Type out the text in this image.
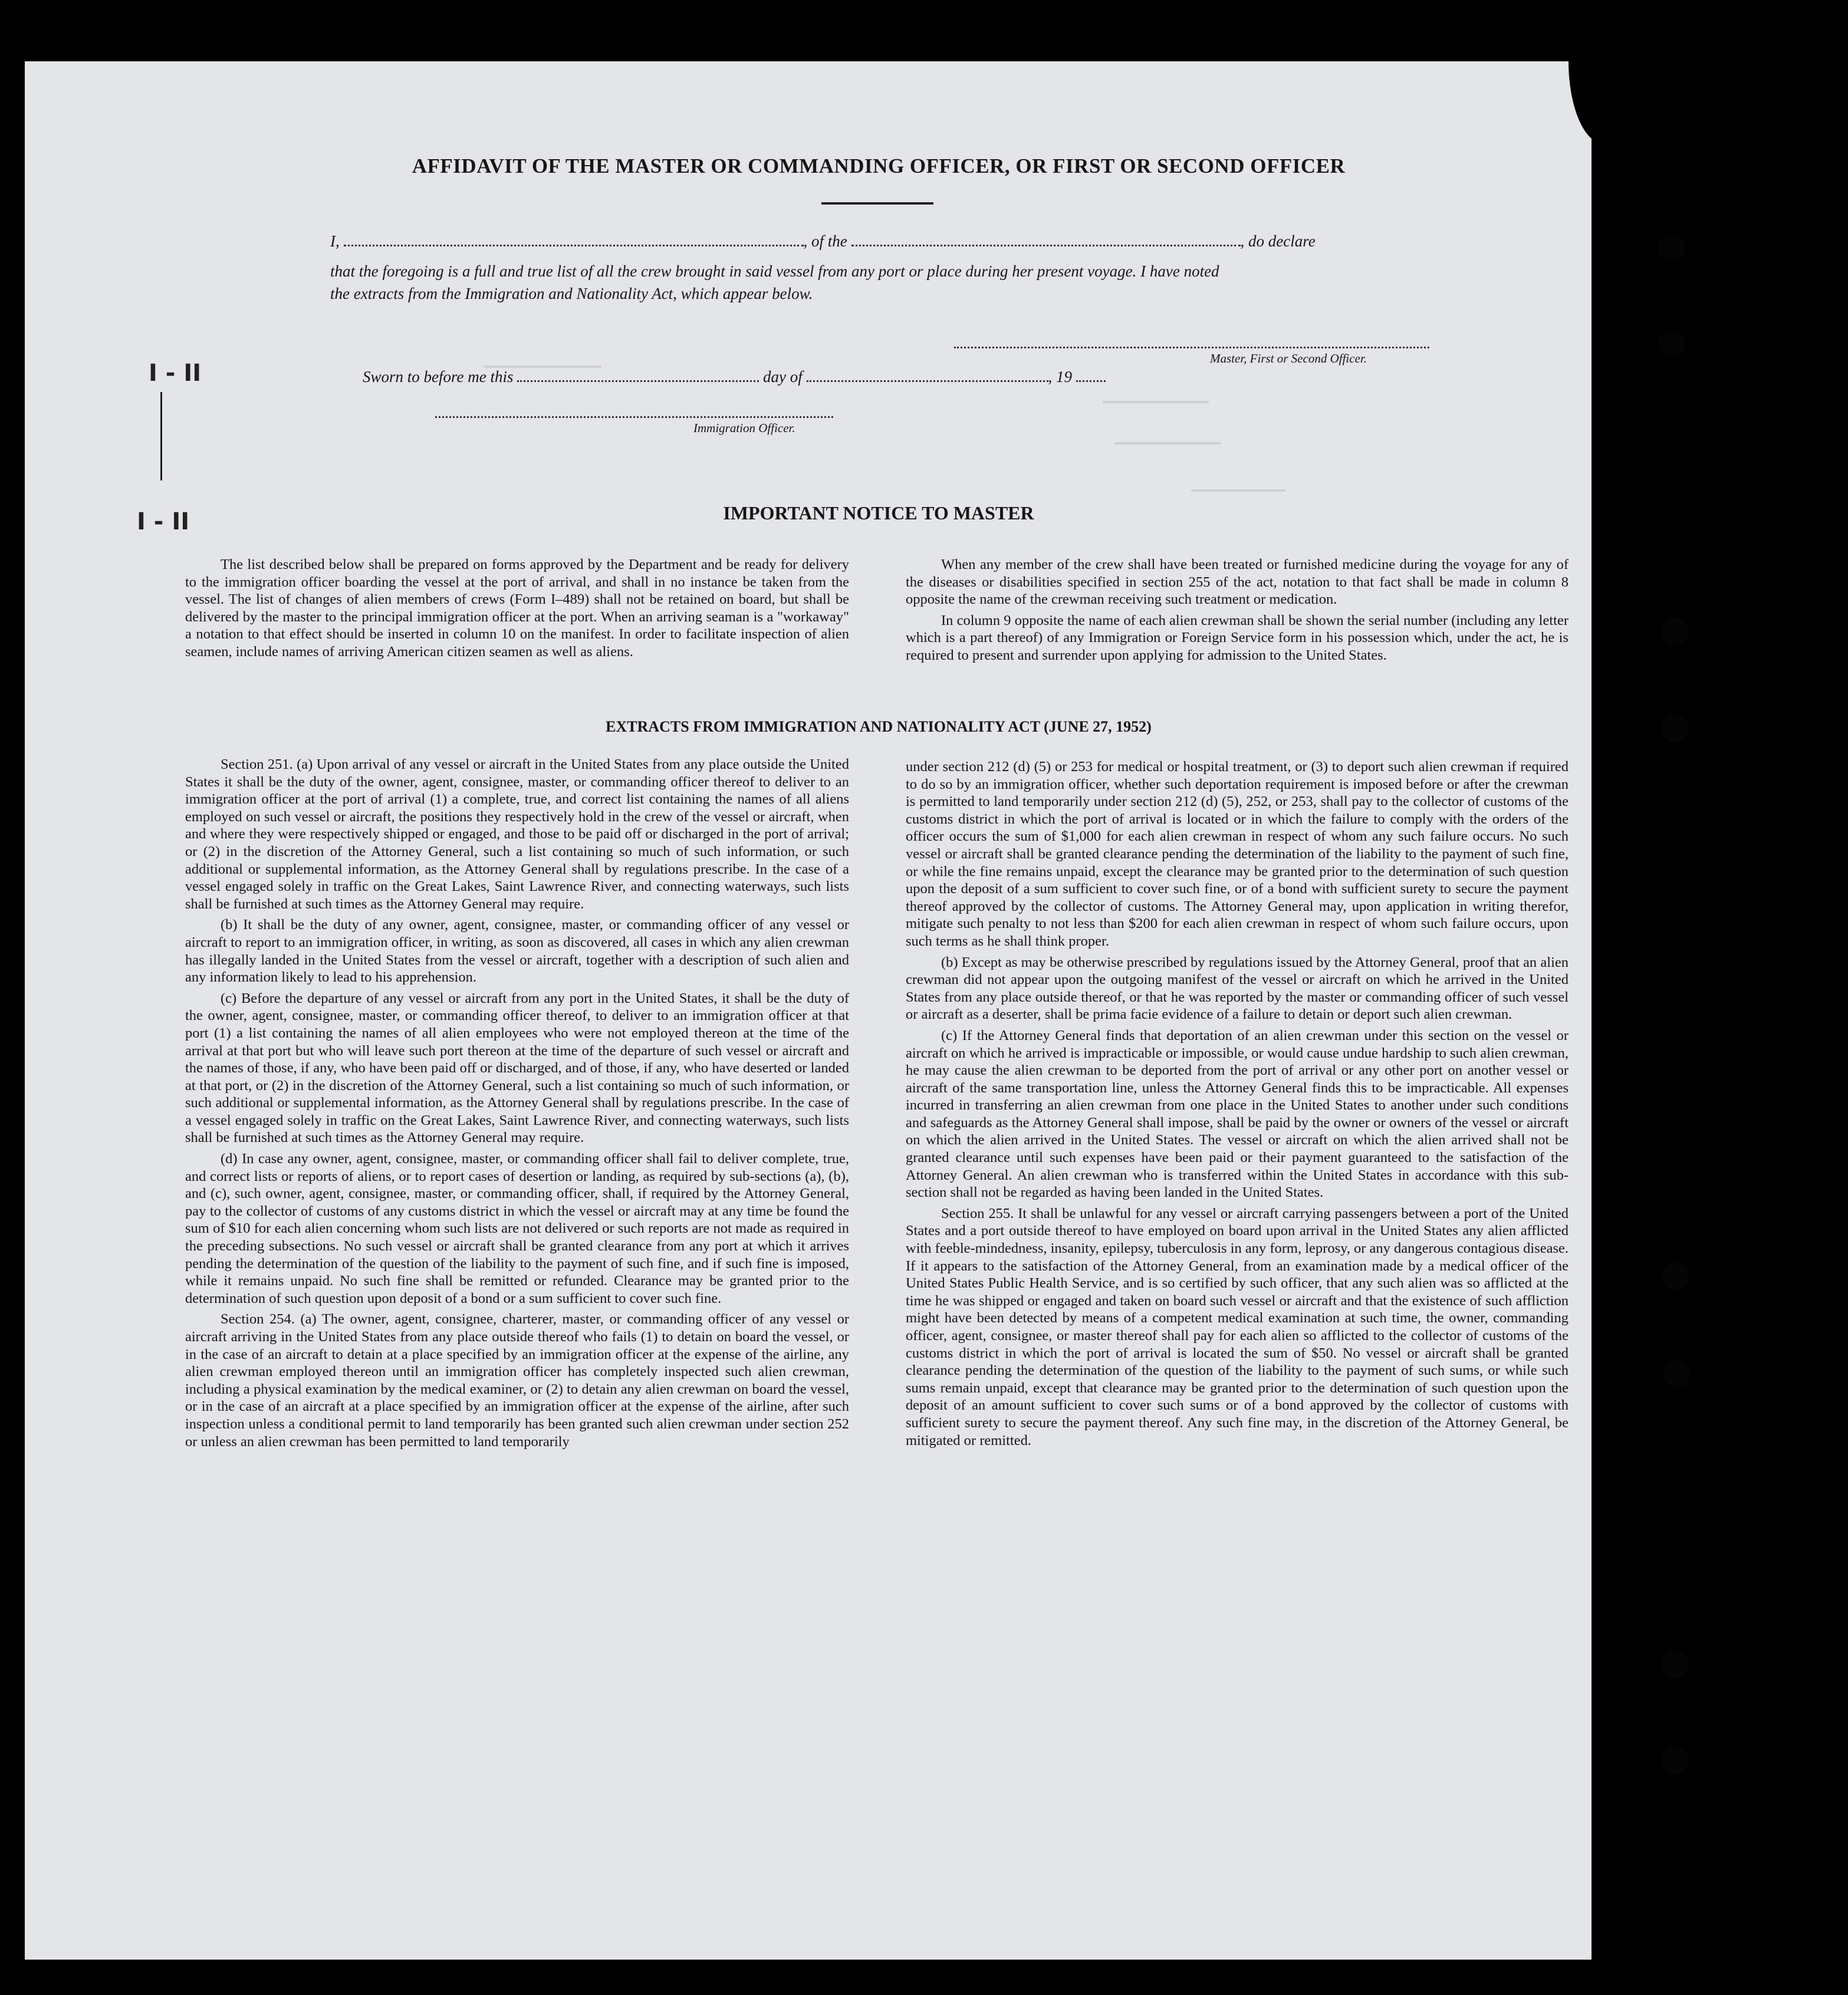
I - II
I - II
AFFIDAVIT OF THE MASTER OR COMMANDING OFFICER, OR FIRST OR SECOND OFFICER
I,	, of the	, do declare
that the foregoing is a full and true list of all the crew brought in said vessel from any port or place during her present voyage. I have noted
the extracts from the Immigration and Nationality Act, which appear below.
Master, First or Second Officer.
Sworn to before me this	day of	, 19
Immigration Officer.
IMPORTANT NOTICE TO MASTER

The list described below shall be prepared on forms approved by the Department and be ready for delivery to the immigration officer boarding the vessel at the port of arrival, and shall in no instance be taken from the vessel. The list of changes of alien members of crews (Form I–489) shall not be retained on board, but shall be delivered by the master to the principal immigration officer at the port. When an arriving seaman is a "workaway" a notation to that effect should be inserted in column 10 on the manifest. In order to facilitate inspection of alien seamen, include names of arriving American citizen seamen as well as aliens.

When any member of the crew shall have been treated or furnished medicine during the voyage for any of the diseases or disabilities specified in section 255 of the act, notation to that fact shall be made in column 8 opposite the name of the crewman receiving such treatment or medication.

In column 9 opposite the name of each alien crewman shall be shown the serial number (including any letter which is a part thereof) of any Immigration or Foreign Service form in his possession which, under the act, he is required to present and surrender upon applying for admission to the United States.

EXTRACTS FROM IMMIGRATION AND NATIONALITY ACT (JUNE 27, 1952)

Section 251. (a) Upon arrival of any vessel or aircraft in the United States from any place outside the United States it shall be the duty of the owner, agent, consignee, master, or commanding officer thereof to deliver to an immigration officer at the port of arrival (1) a complete, true, and correct list containing the names of all aliens employed on such vessel or aircraft, the positions they respectively hold in the crew of the vessel or aircraft, when and where they were respectively shipped or engaged, and those to be paid off or discharged in the port of arrival; or (2) in the discretion of the Attorney General, such a list containing so much of such information, or such additional or supplemental information, as the Attorney General shall by regulations prescribe. In the case of a vessel engaged solely in traffic on the Great Lakes, Saint Lawrence River, and connecting waterways, such lists shall be furnished at such times as the Attorney General may require.

(b) It shall be the duty of any owner, agent, consignee, master, or commanding officer of any vessel or aircraft to report to an immigration officer, in writing, as soon as discovered, all cases in which any alien crewman has illegally landed in the United States from the vessel or aircraft, together with a description of such alien and any information likely to lead to his apprehension.

(c) Before the departure of any vessel or aircraft from any port in the United States, it shall be the duty of the owner, agent, consignee, master, or commanding officer thereof, to deliver to an immigration officer at that port (1) a list containing the names of all alien employees who were not employed thereon at the time of the arrival at that port but who will leave such port thereon at the time of the departure of such vessel or aircraft and the names of those, if any, who have been paid off or discharged, and of those, if any, who have deserted or landed at that port, or (2) in the discretion of the Attorney General, such a list containing so much of such information, or such additional or supplemental information, as the Attorney General shall by regulations prescribe. In the case of a vessel engaged solely in traffic on the Great Lakes, Saint Lawrence River, and connecting waterways, such lists shall be furnished at such times as the Attorney General may require.

(d) In case any owner, agent, consignee, master, or commanding officer shall fail to deliver complete, true, and correct lists or reports of aliens, or to report cases of desertion or landing, as required by sub-sections (a), (b), and (c), such owner, agent, consignee, master, or commanding officer, shall, if required by the Attorney General, pay to the collector of customs of any customs district in which the vessel or aircraft may at any time be found the sum of $10 for each alien concerning whom such lists are not delivered or such reports are not made as required in the preceding subsections. No such vessel or aircraft shall be granted clearance from any port at which it arrives pending the determination of the question of the liability to the payment of such fine, and if such fine is imposed, while it remains unpaid. No such fine shall be remitted or refunded. Clearance may be granted prior to the determination of such question upon deposit of a bond or a sum sufficient to cover such fine.

Section 254. (a) The owner, agent, consignee, charterer, master, or commanding officer of any vessel or aircraft arriving in the United States from any place outside thereof who fails (1) to detain on board the vessel, or in the case of an aircraft to detain at a place specified by an immigration officer at the expense of the airline, any alien crewman employed thereon until an immigration officer has completely inspected such alien crewman, including a physical examination by the medical examiner, or (2) to detain any alien crewman on board the vessel, or in the case of an aircraft at a place specified by an immigration officer at the expense of the airline, after such inspection unless a conditional permit to land temporarily has been granted such alien crewman under section 252 or unless an alien crewman has been permitted to land temporarily

under section 212 (d) (5) or 253 for medical or hospital treatment, or (3) to deport such alien crewman if required to do so by an immigration officer, whether such deportation requirement is imposed before or after the crewman is permitted to land temporarily under section 212 (d) (5), 252, or 253, shall pay to the collector of customs of the customs district in which the port of arrival is located or in which the failure to comply with the orders of the officer occurs the sum of $1,000 for each alien crewman in respect of whom any such failure occurs. No such vessel or aircraft shall be granted clearance pending the determination of the liability to the payment of such fine, or while the fine remains unpaid, except the clearance may be granted prior to the determination of such question upon the deposit of a sum sufficient to cover such fine, or of a bond with sufficient surety to secure the payment thereof approved by the collector of customs. The Attorney General may, upon application in writing therefor, mitigate such penalty to not less than $200 for each alien crewman in respect of whom such failure occurs, upon such terms as he shall think proper.

(b) Except as may be otherwise prescribed by regulations issued by the Attorney General, proof that an alien crewman did not appear upon the outgoing manifest of the vessel or aircraft on which he arrived in the United States from any place outside thereof, or that he was reported by the master or commanding officer of such vessel or aircraft as a deserter, shall be prima facie evidence of a failure to detain or deport such alien crewman.

(c) If the Attorney General finds that deportation of an alien crewman under this section on the vessel or aircraft on which he arrived is impracticable or impossible, or would cause undue hardship to such alien crewman, he may cause the alien crewman to be deported from the port of arrival or any other port on another vessel or aircraft of the same transportation line, unless the Attorney General finds this to be impracticable. All expenses incurred in transferring an alien crewman from one place in the United States to another under such conditions and safeguards as the Attorney General shall impose, shall be paid by the owner or owners of the vessel or aircraft on which the alien arrived in the United States. The vessel or aircraft on which the alien arrived shall not be granted clearance until such expenses have been paid or their payment guaranteed to the satisfaction of the Attorney General. An alien crewman who is transferred within the United States in accordance with this sub-section shall not be regarded as having been landed in the United States.

Section 255. It shall be unlawful for any vessel or aircraft carrying passengers between a port of the United States and a port outside thereof to have employed on board upon arrival in the United States any alien afflicted with feeble-mindedness, insanity, epilepsy, tuberculosis in any form, leprosy, or any dangerous contagious disease. If it appears to the satisfaction of the Attorney General, from an examination made by a medical officer of the United States Public Health Service, and is so certified by such officer, that any such alien was so afflicted at the time he was shipped or engaged and taken on board such vessel or aircraft and that the existence of such affliction might have been detected by means of a competent medical examination at such time, the owner, commanding officer, agent, consignee, or master thereof shall pay for each alien so afflicted to the collector of customs of the customs district in which the port of arrival is located the sum of $50. No vessel or aircraft shall be granted clearance pending the determination of the question of the liability to the payment of such sums, or while such sums remain unpaid, except that clearance may be granted prior to the determination of such question upon the deposit of an amount sufficient to cover such sums or of a bond approved by the collector of customs with sufficient surety to secure the payment thereof. Any such fine may, in the discretion of the Attorney General, be mitigated or remitted.
